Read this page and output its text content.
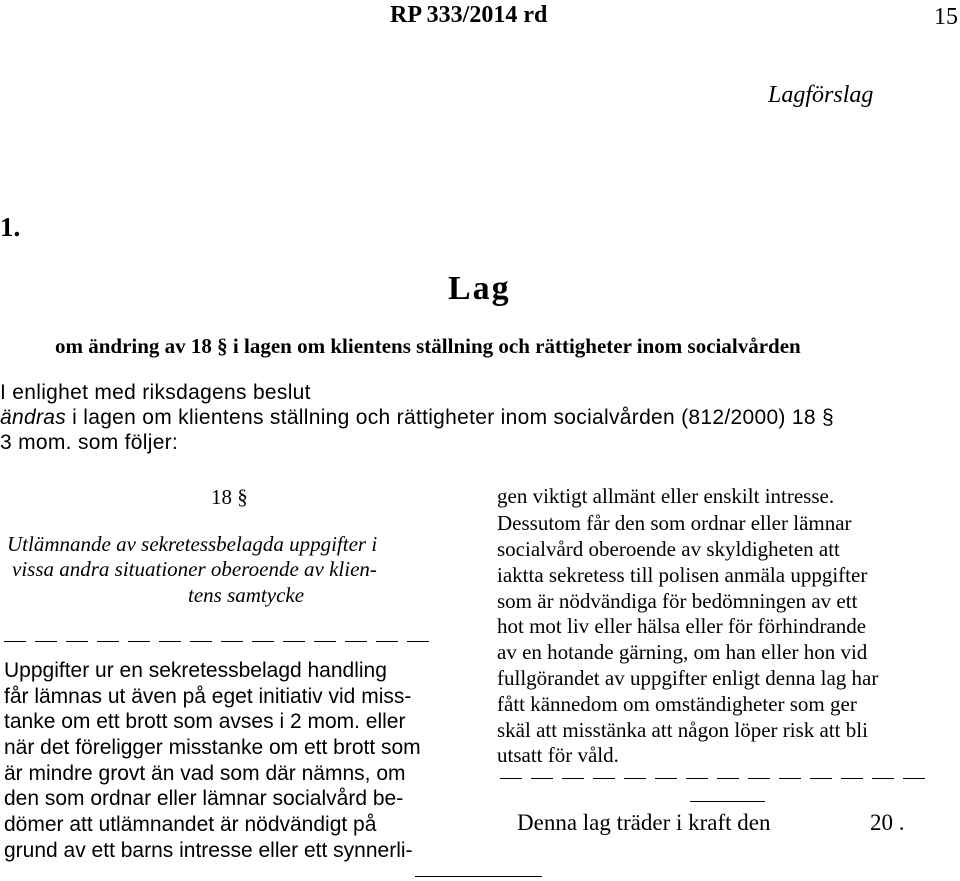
RP 333/2014 rd	15
Lagförslag
1.
Lag
om ändring av 18 § i lagen om klientens ställning och rättigheter inom socialvården
I enlighet med riksdagens beslut
ändras i lagen om klientens ställning och rättigheter inom socialvården (812/2000) 18 §
3 mom. som följer:
18 §
Utlämnande av sekretessbelagda uppgifter i
vissa andra situationer oberoende av klien-
tens samtycke
Uppgifter ur en sekretessbelagd handling
får lämnas ut även på eget initiativ vid miss-
tanke om ett brott som avses i 2 mom. eller
när det föreligger misstanke om ett brott som
är mindre grovt än vad som där nämns, om
den som ordnar eller lämnar socialvård be-
dömer att utlämnandet är nödvändigt på
grund av ett barns intresse eller ett synnerli-
gen viktigt allmänt eller enskilt intresse.
Dessutom får den som ordnar eller lämnar
socialvård oberoende av skyldigheten att
iaktta sekretess till polisen anmäla uppgifter
som är nödvändiga för bedömningen av ett
hot mot liv eller hälsa eller för förhindrande
av en hotande gärning, om han eller hon vid
fullgörandet av uppgifter enligt denna lag har
fått kännedom om omständigheter som ger
skäl att misstänka att någon löper risk att bli
utsatt för våld.
Denna lag träder i kraft den	20 .
